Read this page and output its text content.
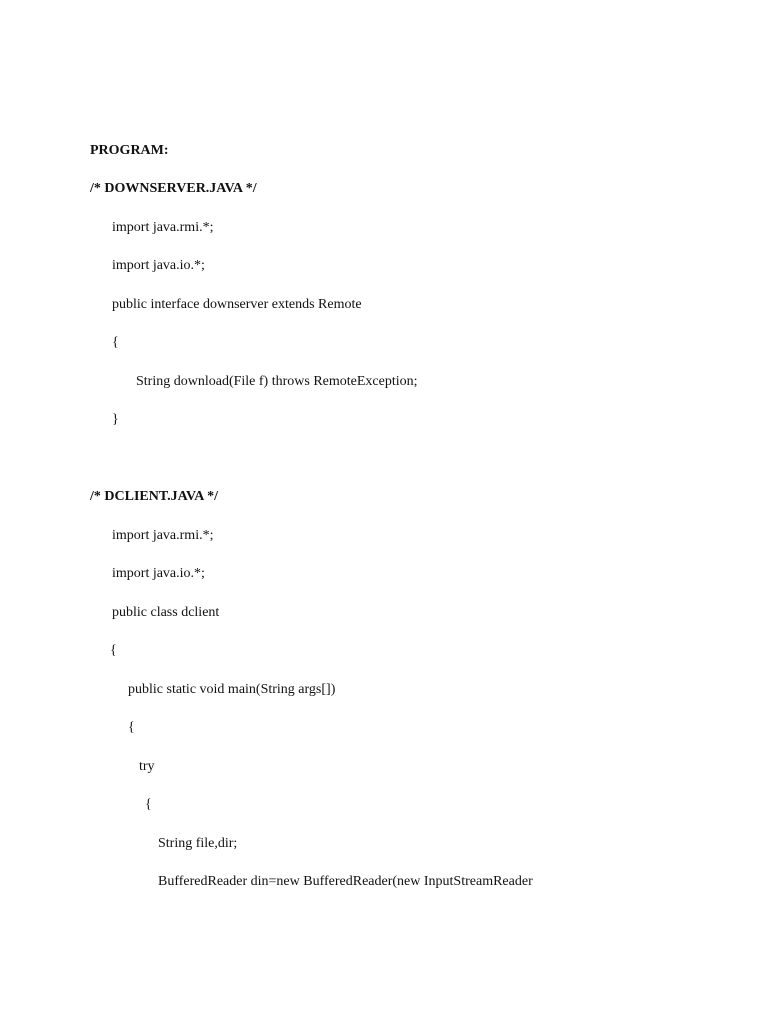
PROGRAM:
/* DOWNSERVER.JAVA */
import java.rmi.*;
import java.io.*;
public interface downserver extends Remote
{
String download(File f) throws RemoteException;
}
/* DCLIENT.JAVA */
import java.rmi.*;
import java.io.*;
public class dclient
{
public static void main(String args[])
{
try
{
String file,dir;
BufferedReader din=new BufferedReader(new InputStreamReader
